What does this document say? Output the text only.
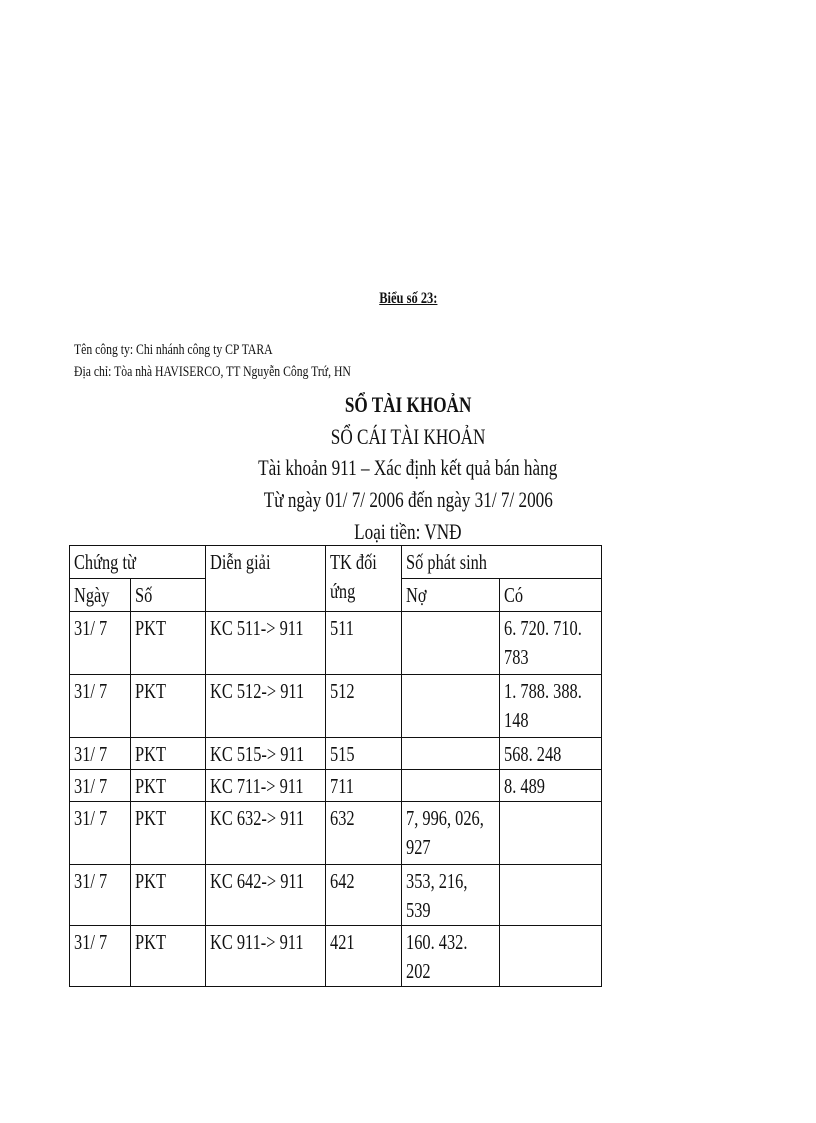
Biểu số 23:
Tên công ty: Chi nhánh công ty CP TARA
Địa chỉ: Tòa nhà HAVISERCO, TT Nguyễn Công Trứ, HN
SỔ TÀI KHOẢN
SỔ CÁI TÀI KHOẢN
Tài khoản 911 – Xác định kết quả bán hàng
Từ ngày 01/ 7/ 2006 đến ngày 31/ 7/ 2006
Loại tiền: VNĐ
Chứng từ		Diễn giải	TK đối ứng	Số phát sinh	

Ngày	Số			Nợ	Có

31/ 7	PKT	KC 511-> 911	511		6. 720. 710. 783

31/ 7	PKT	KC 512-> 911	512		1. 788. 388. 148

31/ 7	PKT	KC 515-> 911	515		568. 248

31/ 7	PKT	KC 711-> 911	711		8. 489

31/ 7	PKT	KC 632-> 911	632	7, 996, 026, 927	

31/ 7	PKT	KC 642-> 911	642	353, 216, 539	

31/ 7	PKT	KC 911-> 911	421	160. 432. 202	
